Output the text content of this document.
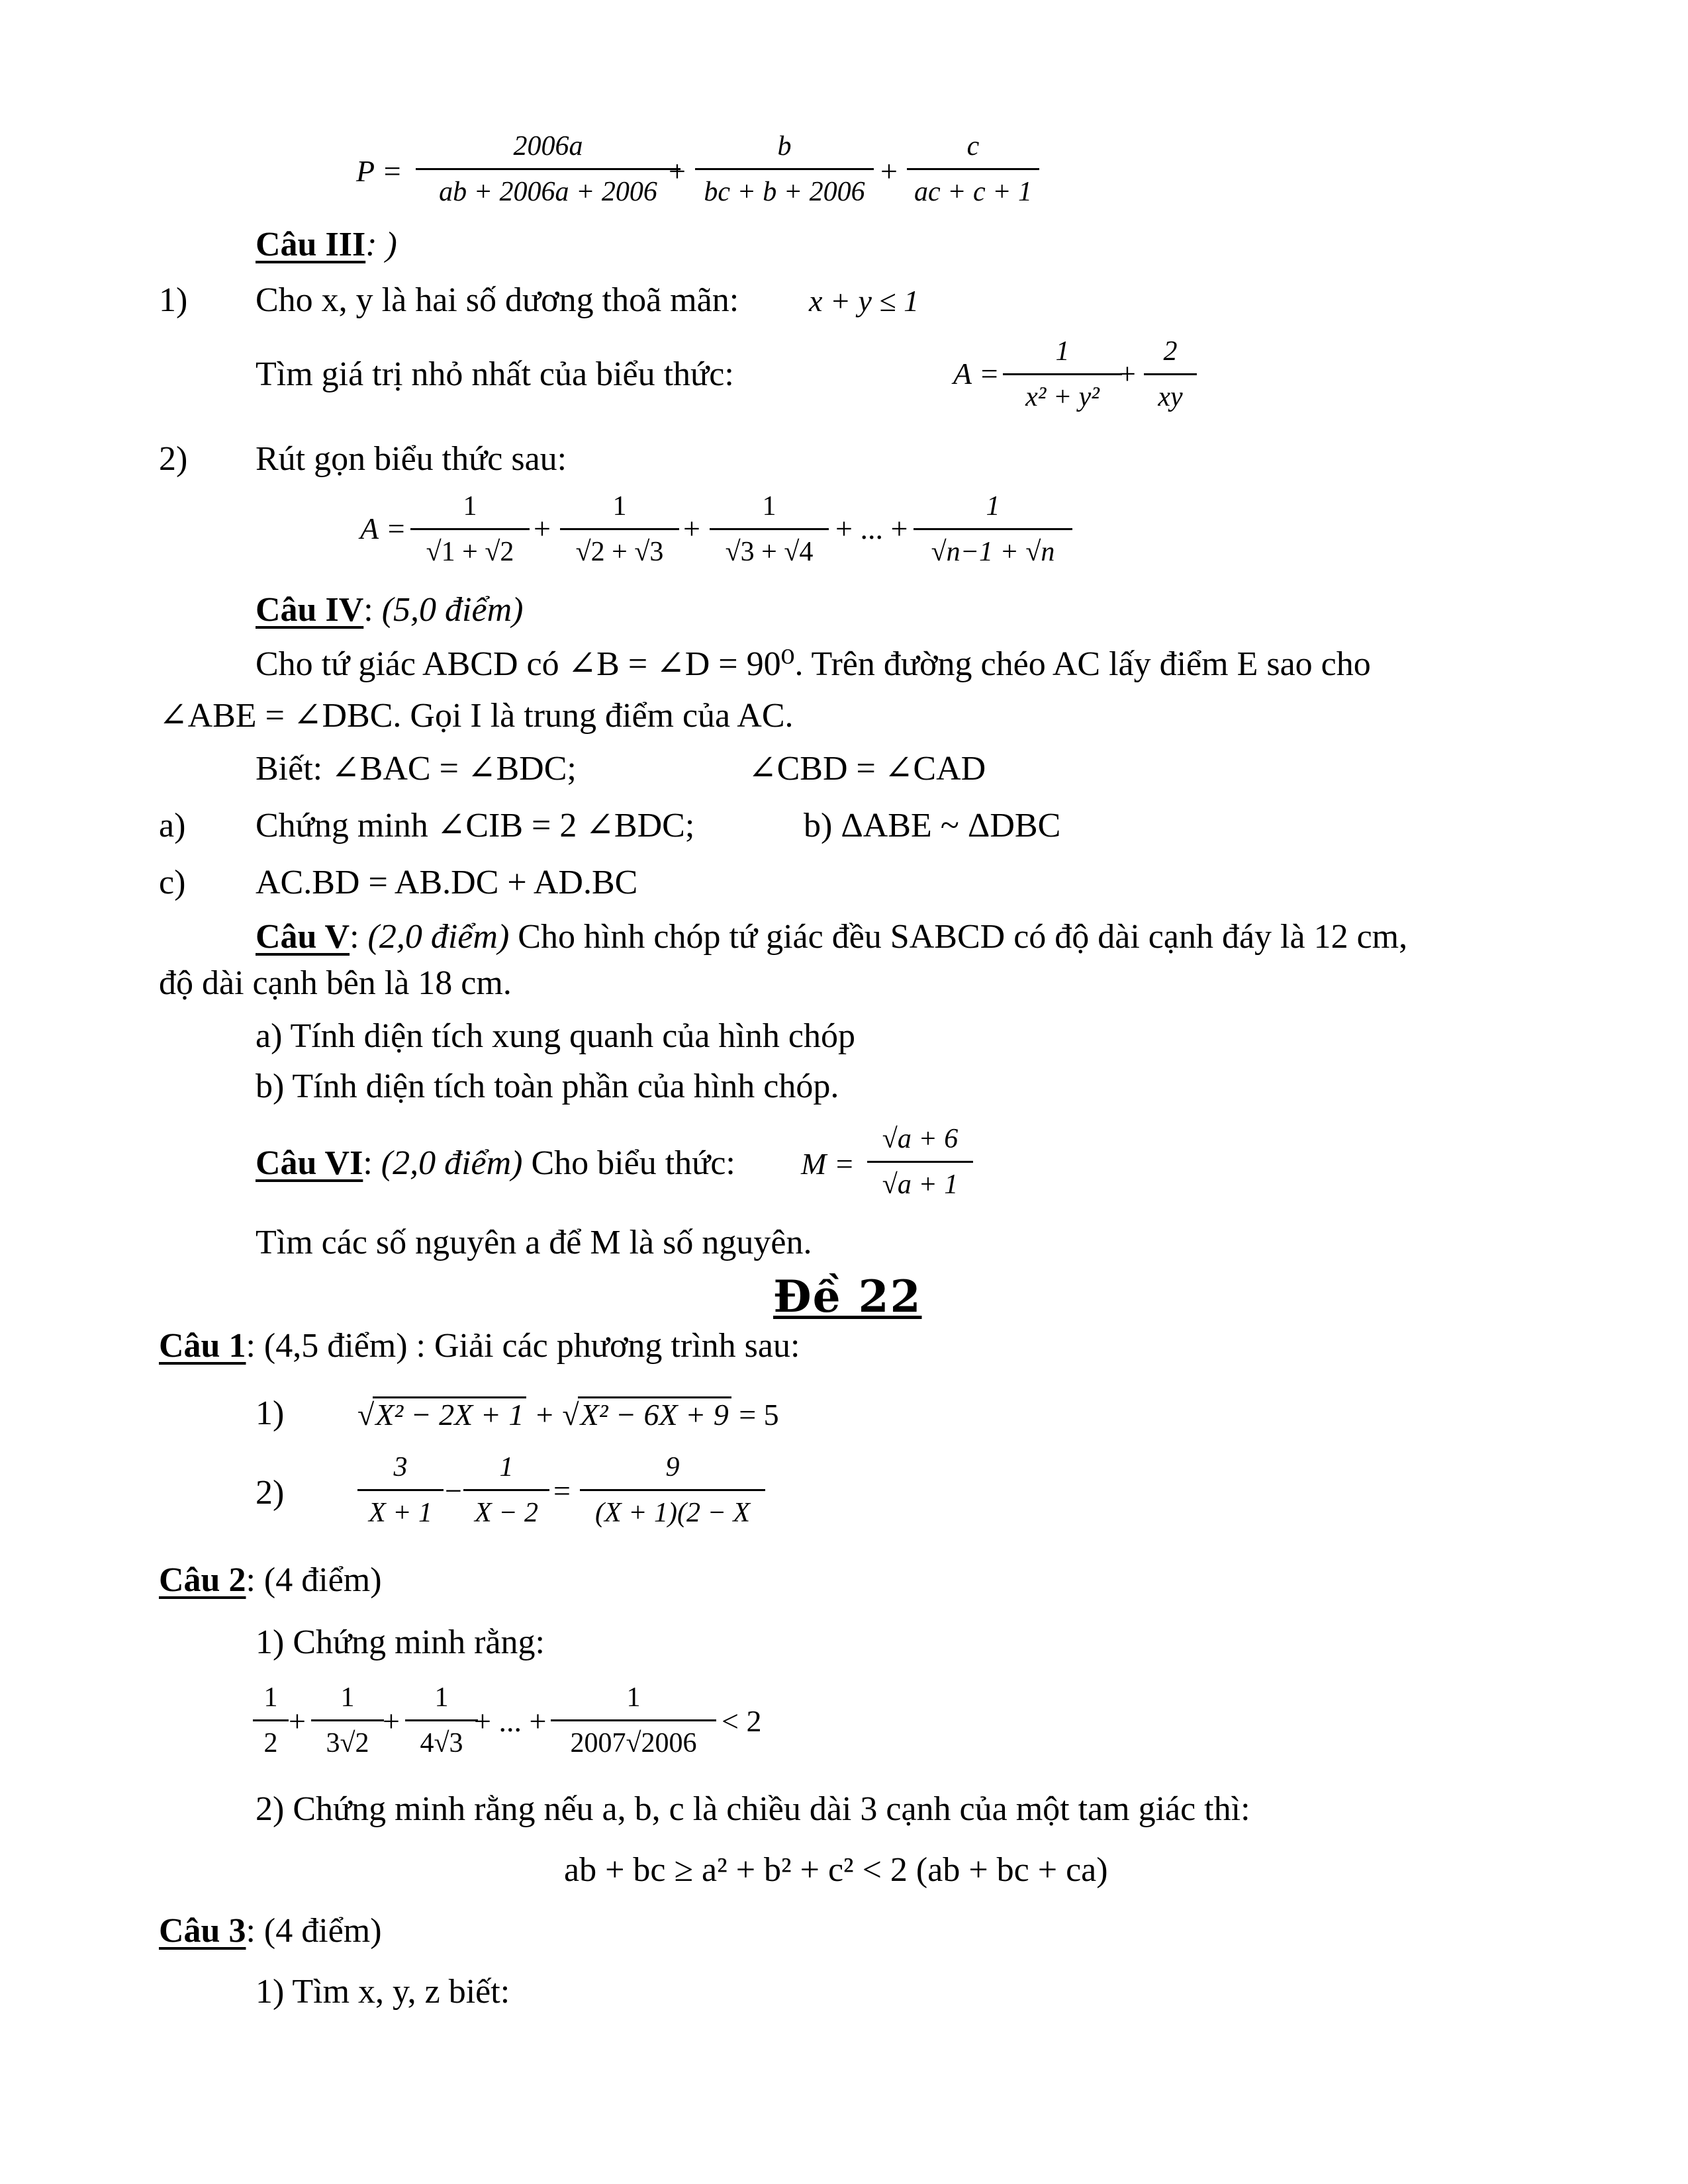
$P = \frac{2006a}{ab + 2006a + 2006}$
+ $\frac{b}{bc + b + 2006} + \frac{c}{ac + c + 1}$
Câu III: )
1) Cho x, y là hai số dương thoã mãn: x + y ≤ 1
Tìm giá trị nhỏ nhất của biểu thức:	$A = \frac{1}{\text{x² + y²}}$
+ $\frac{2}{xy}$
2) Rút gọn biểu thức sau:
$A = \frac{1}{√1 + √2} + \frac{1}{√2 + √3} + \frac{1}{√3 + √4}$ + ... + $\frac{1}{√n-1 + √n}$
Câu IV: (5,0 điểm)
Cho tứ giác ABCD có ∠B = ∠D = 90⁰. Trên đường chéo AC lấy điểm E sao cho
∠ABE = ∠DBC. Gọi I là trung điểm của AC.
Biết: ∠BAC = ∠BDC;	∠CBD = ∠CAD
a) Chứng minh ∠CIB = 2 ∠BDC;	b) ΔABE ~ ΔDBC
c) AC.BD = AB.DC + AD.BC
Câu V: (2,0 điểm) Cho hình chóp tứ giác đều SABCD có độ dài cạnh đáy là 12 cm,
độ dài cạnh bên là 18 cm.
a) Tính diện tích xung quanh của hình chóp
b) Tính diện tích toàn phần của hình chóp.
Câu VI: (2,0 điểm) Cho biểu thức: $M = \frac{√a + 6}{√a + 1}$
Tìm các số nguyên a để M là số nguyên.
Đề 22
Câu 1: (4,5 điểm) : Giải các phương trình sau:
1) √X² − 2X + 1 + √X² − 6X + 9 = 5
2)	$\frac{3}{X + 1} - \frac{1}{X - 2} = \frac{9}{(X + 1)(2 - X}$
Câu 2: (4 điểm)
1) Chứng minh rằng:
$\frac{1}{2} + \frac{1}{3√2}$
+ $\frac{1}{4√3}$
+ ... + $\frac{1}{2007√2006} < 2$
2) Chứng minh rằng nếu a, b, c là chiều dài 3 cạnh của một tam giác thì:
ab + bc ≥ a² + b² + c² < 2 (ab + bc + ca)
Câu 3: (4 điểm)
1) Tìm x, y, z biết:
